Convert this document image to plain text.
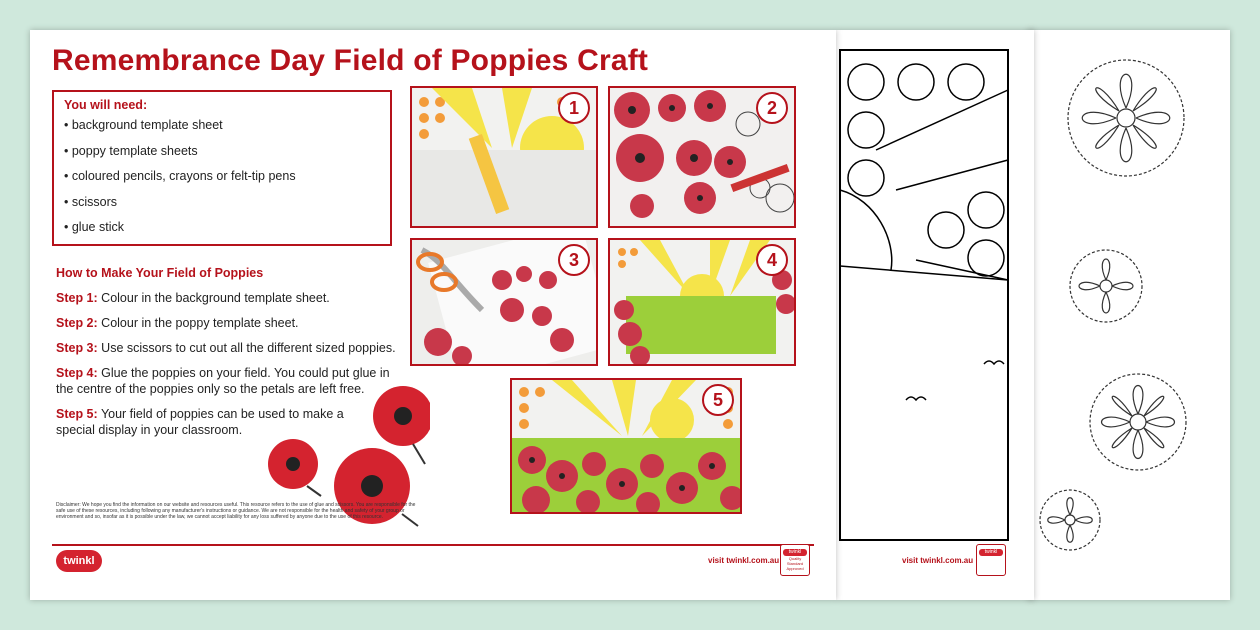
visit twinkl.com.au
twinkl
Remembrance Day Field of Poppies Craft
You will need:
• background template sheet
• poppy template sheets
• coloured pencils, crayons or felt-tip pens
• scissors
• glue stick
How to Make Your Field of Poppies
Step 1: Colour in the background template sheet.
Step 2: Colour in the poppy template sheet.
Step 3: Use scissors to cut out all the different sized poppies.
Step 4: Glue the poppies on your field. You could put glue in the centre of the poppies only so the petals are left free.
Step 5: Your field of poppies can be used to make a special display in your classroom.
1	2
3	4
5
Disclaimer: We hope you find the information on our website and resources useful. This resource refers to the use of glue and scissors. You are responsible for the safe use of these resources, including following any manufacturer's instructions or guidance. We are not responsible for the health and safety of your group or environment and so, insofar as it is possible under the law, we cannot accept liability for any loss suffered by anyone due to the use of this resource.
twinkl	visit twinkl.com.au
twinkl
Quality Standard Approved
